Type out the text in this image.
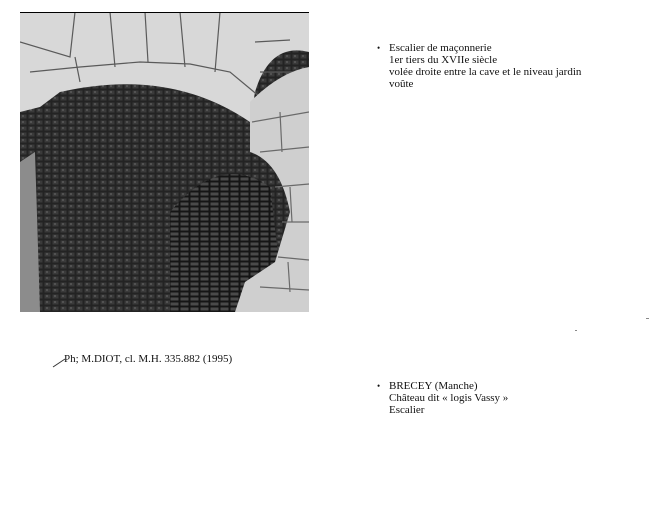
• Escalier de maçonnerie
1er tiers du XVIIe siècle
volée droite entre la cave et le niveau jardin
voûte
Ph; M.DIOT, cl. M.H. 335.882 (1995)
• BRECEY (Manche)
Château dit « logis Vassy »
Escalier
